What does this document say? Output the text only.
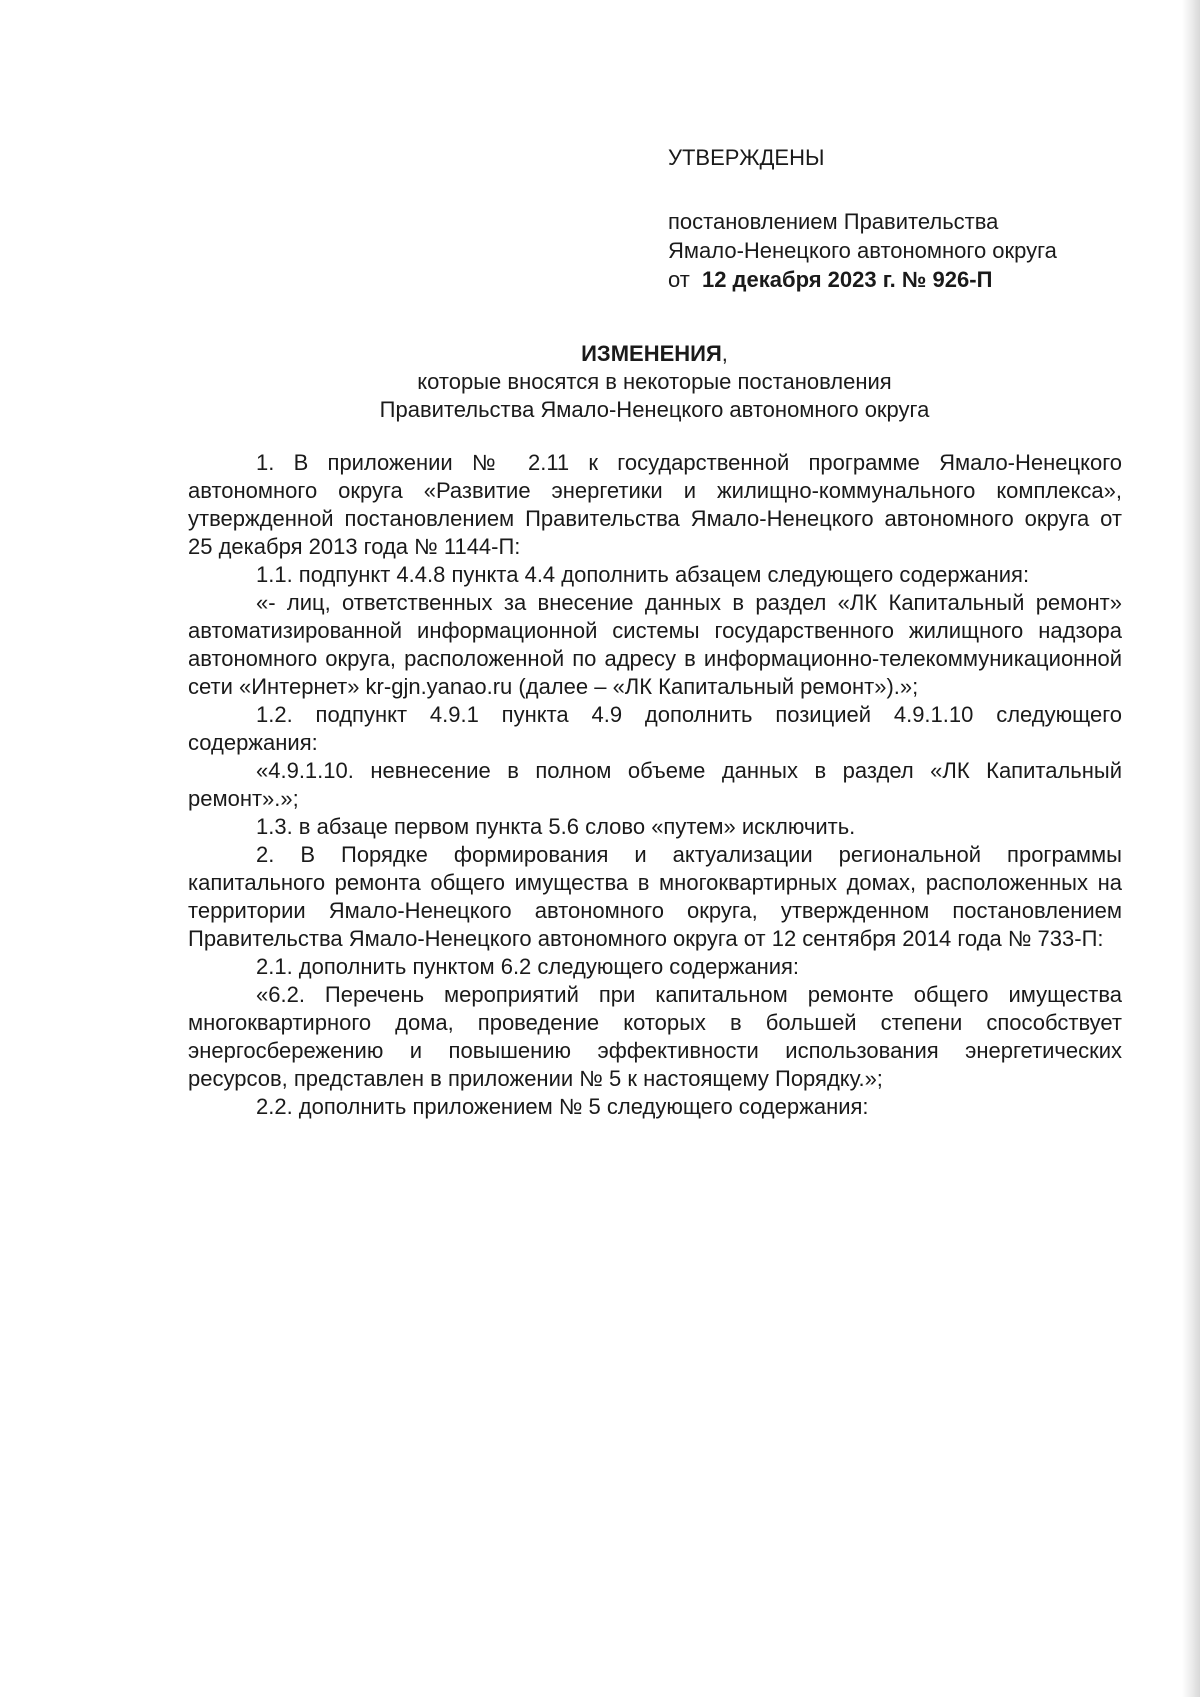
УТВЕРЖДЕНЫ
постановлением Правительства
Ямало-Ненецкого автономного округа
от 12 декабря 2023 г. № 926-П
ИЗМЕНЕНИЯ,
которые вносятся в некоторые постановления
Правительства Ямало-Ненецкого автономного округа

1. В приложении № 2.11 к государственной программе Ямало-Ненецкого автономного округа «Развитие энергетики и жилищно-коммунального комплекса», утвержденной постановлением Правительства Ямало-Ненецкого автономного округа от 25 декабря 2013 года № 1144-П:

1.1. подпункт 4.4.8 пункта 4.4 дополнить абзацем следующего содержания:

«- лиц, ответственных за внесение данных в раздел «ЛК Капитальный ремонт» автоматизированной информационной системы государственного жилищного надзора автономного округа, расположенной по адресу в информационно-телекоммуникационной сети «Интернет» kr-gjn.yanao.ru (далее – «ЛК Капитальный ремонт»).»;

1.2. подпункт 4.9.1 пункта 4.9 дополнить позицией 4.9.1.10 следующего содержания:

«4.9.1.10. невнесение в полном объеме данных в раздел «ЛК Капитальный ремонт».»;

1.3. в абзаце первом пункта 5.6 слово «путем» исключить.

2. В Порядке формирования и актуализации региональной программы капитального ремонта общего имущества в многоквартирных домах, расположенных на территории Ямало-Ненецкого автономного округа, утвержденном постановлением Правительства Ямало-Ненецкого автономного округа от 12 сентября 2014 года № 733-П:

2.1. дополнить пунктом 6.2 следующего содержания:

«6.2. Перечень мероприятий при капитальном ремонте общего имущества многоквартирного дома, проведение которых в большей степени способствует энергосбережению и повышению эффективности использования энергетических ресурсов, представлен в приложении № 5 к настоящему Порядку.»;

2.2. дополнить приложением № 5 следующего содержания:
